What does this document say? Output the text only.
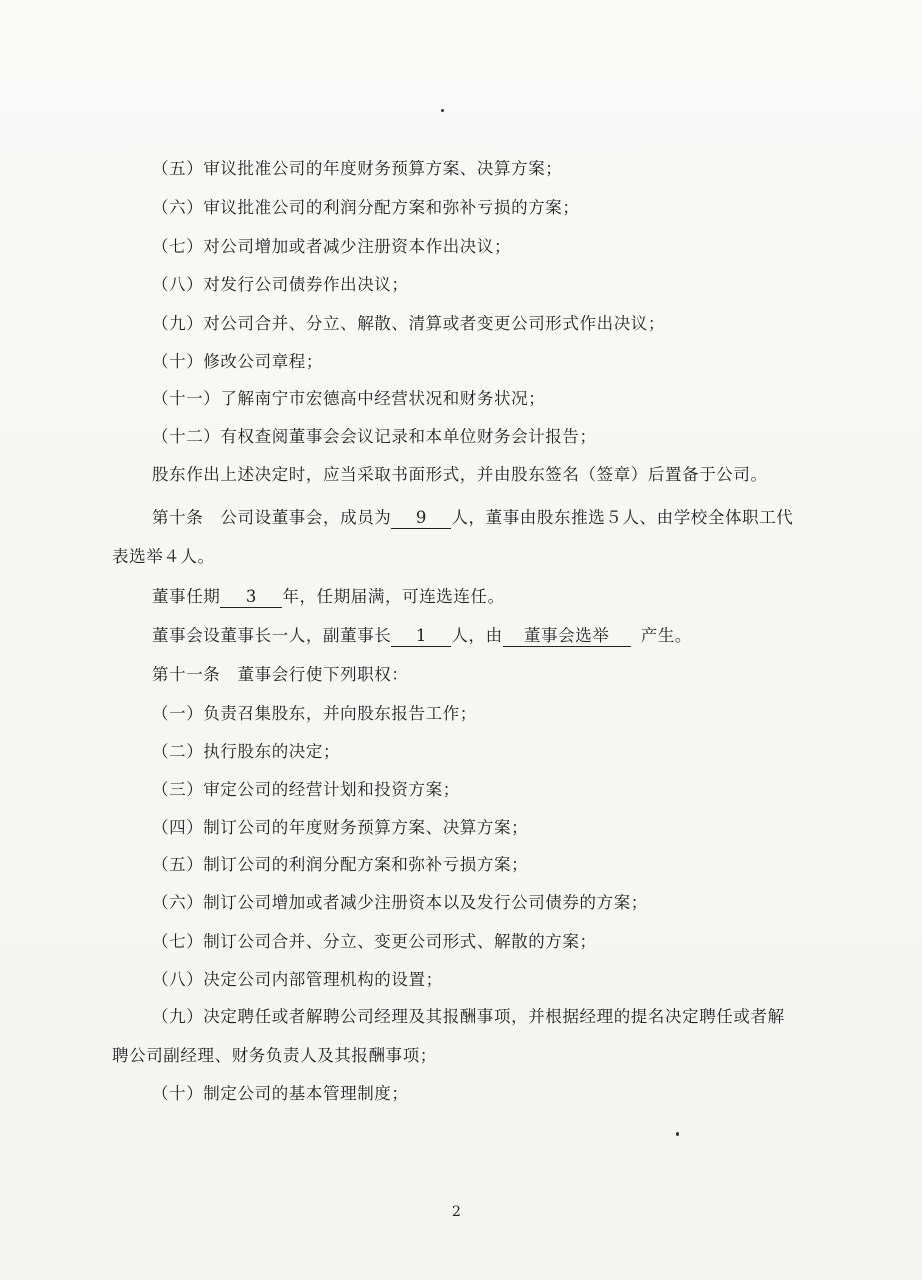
（五）审议批准公司的年度财务预算方案、决算方案；
（六）审议批准公司的利润分配方案和弥补亏损的方案；
（七）对公司增加或者减少注册资本作出决议；
（八）对发行公司债券作出决议；
（九）对公司合并、分立、解散、清算或者变更公司形式作出决议；
（十）修改公司章程；
（十一）了解南宁市宏德高中经营状况和财务状况；
（十二）有权查阅董事会会议记录和本单位财务会计报告；
股东作出上述决定时，应当采取书面形式，并由股东签名（签章）后置备于公司。
第十条　公司设董事会，成员为 9 人，董事由股东推选５人、由学校全体职工代
表选举４人。
董事任期 3 年，任期届满，可连选连任。
董事会设董事长一人，副董事长 1 人，由 董事会选举 产生。
第十一条　董事会行使下列职权：
（一）负责召集股东，并向股东报告工作；
（二）执行股东的决定；
（三）审定公司的经营计划和投资方案；
（四）制订公司的年度财务预算方案、决算方案；
（五）制订公司的利润分配方案和弥补亏损方案；
（六）制订公司增加或者减少注册资本以及发行公司债券的方案；
（七）制订公司合并、分立、变更公司形式、解散的方案；
（八）决定公司内部管理机构的设置；
（九）决定聘任或者解聘公司经理及其报酬事项，并根据经理的提名决定聘任或者解
聘公司副经理、财务负责人及其报酬事项；
（十）制定公司的基本管理制度；
2
